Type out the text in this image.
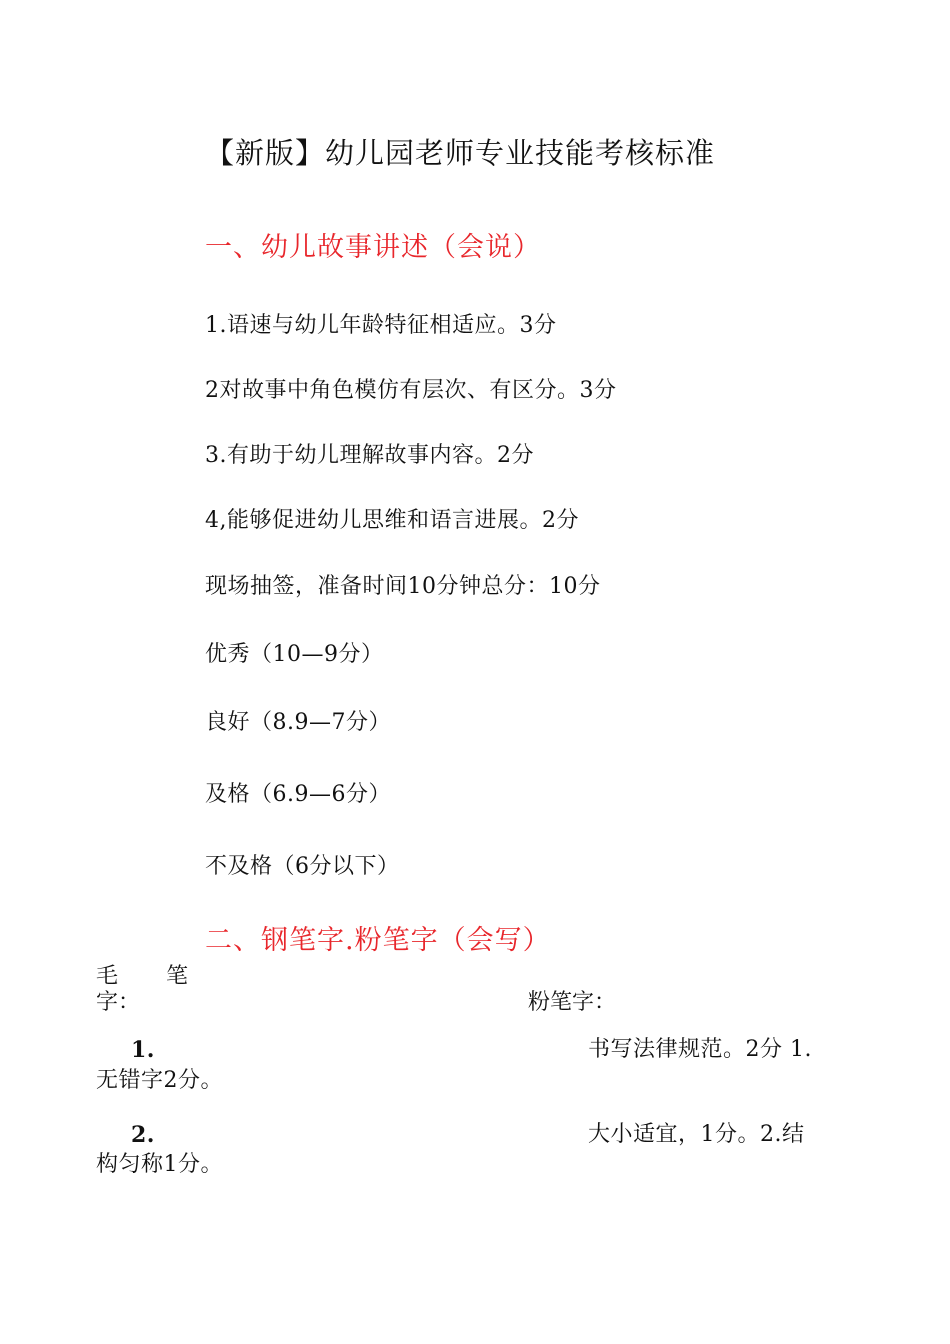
【新版】幼儿园老师专业技能考核标准
一、幼儿故事讲述（会说）
1.语速与幼儿年龄特征相适应。3分
2对故事中角色模仿有层次、有区分。3分
3.有助于幼儿理解故事内容。2分
4,能够促进幼儿思维和语言进展。2分
现场抽签，准备时间10分钟总分：10分
优秀（10—9分）
良好（8.9—7分）
及格（6.9—6分）
不及格（6分以下）
二、钢笔字.粉笔字（会写）
毛 笔
字：	粉笔字：
1.	书写法律规范。2分 1.
无错字2分。
2.	大小适宜，1分。2.结
构匀称1分。
